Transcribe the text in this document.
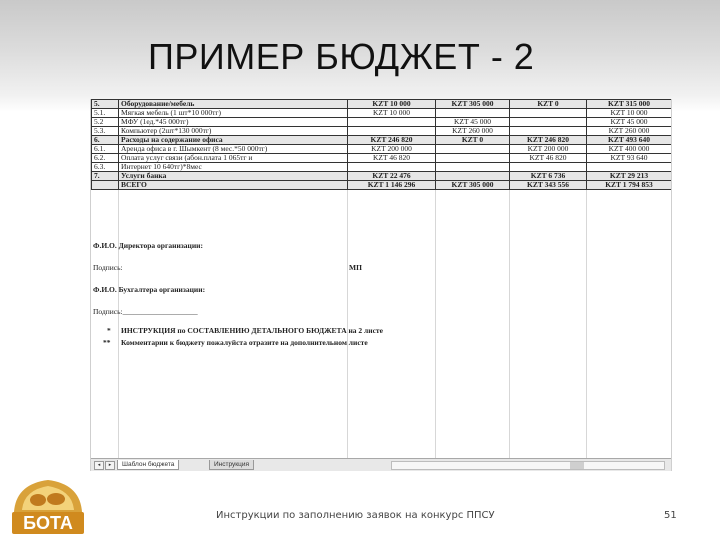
ПРИМЕР БЮДЖЕТ - 2
5.	Оборудование/мебель	KZT 10 000	KZT 305 000	KZT 0	KZT 315 000
5.1.	Мягкая мебель (1 шт*10 000тг)	KZT 10 000			KZT 10 000
5.2	МФУ (1ед.*45 000тг)		KZT 45 000		KZT 45 000
5.3.	Компьютер (2шт*130 000тг)		KZT 260 000		KZT 260 000
6.	Расходы на содержание офиса	KZT 246 820	KZT 0	KZT 246 820	KZT 493 640
6.1.	Аренда офиса в г. Шымкент (8 мес.*50 000тг)	KZT 200 000		KZT 200 000	KZT 400 000
6.2.	Оплата услуг связи (абон.плата 1 065тг и	KZT 46 820		KZT 46 820	KZT 93 640
6.3.	Интернет 10 640тг)*8мес				
7.	Услуги банка	KZT 22 476		KZT 6 736	KZT 29 213
	ВСЕГО	KZT 1 146 296	KZT 305 000	KZT 343 556	KZT 1 794 853
Ф.И.О. Директора организации:
Подпись:	МП
Ф.И.О. Бухгалтера организации:
Подпись:____________________
* ИНСТРУКЦИЯ по СОСТАВЛЕНИЮ ДЕТАЛЬНОГО БЮДЖЕТА на 2 листе
** Комментарии к бюджету пожалуйста отразите на дополнительном листе
◂	▸	Шаблон бюджета	Инструкция
БОТА	Инструкции по заполнению заявок на конкурс ППСУ	51
